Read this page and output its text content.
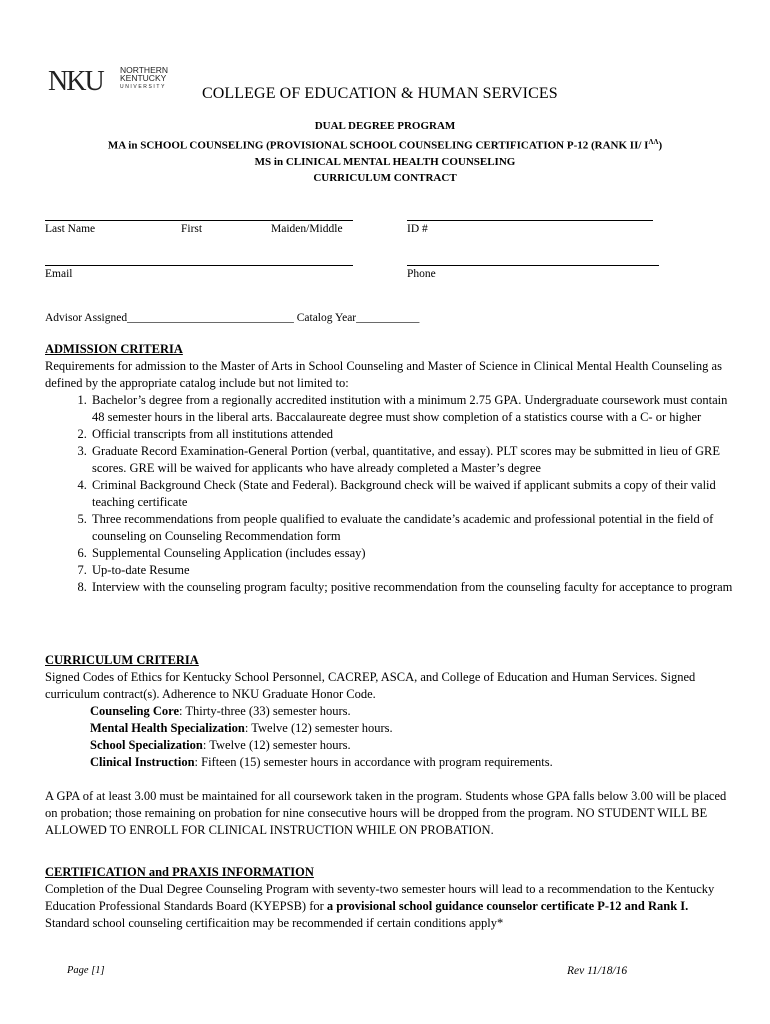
NKU NORTHERN
KENTUCKY
UNIVERSITY COLLEGE OF EDUCATION & HUMAN SERVICES
DUAL DEGREE PROGRAM
MA in SCHOOL COUNSELING (PROVISIONAL SCHOOL COUNSELING CERTIFICATION P-12 (RANK II/ $I^{\Lambda\Lambda}$)
MS in CLINICAL MENTAL HEALTH COUNSELING
CURRICULUM CONTRACT
Last Name	First	Maiden/Middle	ID #
Email	Phone
Advisor Assigned_____________________________ Catalog Year___________
ADMISSION CRITERIA
Requirements for admission to the Master of Arts in School Counseling and Master of Science in Clinical Mental Health Counseling as defined by the appropriate catalog include but not limited to:
1. Bachelor’s degree from a regionally accredited institution with a minimum 2.75 GPA. Undergraduate coursework must contain 48 semester hours in the liberal arts. Baccalaureate degree must show completion of a statistics course with a C- or higher
2. Official transcripts from all institutions attended
3. Graduate Record Examination-General Portion (verbal, quantitative, and essay). PLT scores may be submitted in lieu of GRE scores. GRE will be waived for applicants who have already completed a Master’s degree
4. Criminal Background Check (State and Federal). Background check will be waived if applicant submits a copy of their valid teaching certificate
5. Three recommendations from people qualified to evaluate the candidate’s academic and professional potential in the field of counseling on Counseling Recommendation form
6. Supplemental Counseling Application (includes essay)
7. Up-to-date Resume
8. Interview with the counseling program faculty; positive recommendation from the counseling faculty for acceptance to program
CURRICULUM CRITERIA
Signed Codes of Ethics for Kentucky School Personnel, CACREP, ASCA, and College of Education and Human Services. Signed curriculum contract(s). Adherence to NKU Graduate Honor Code.
Counseling Core: Thirty-three (33) semester hours.
Mental Health Specialization: Twelve (12) semester hours.
School Specialization: Twelve (12) semester hours.
Clinical Instruction: Fifteen (15) semester hours in accordance with program requirements.
A GPA of at least 3.00 must be maintained for all coursework taken in the program. Students whose GPA falls below 3.00 will be placed on probation; those remaining on probation for nine consecutive hours will be dropped from the program. NO STUDENT WILL BE ALLOWED TO ENROLL FOR CLINICAL INSTRUCTION WHILE ON PROBATION.
CERTIFICATION and PRAXIS INFORMATION
Completion of the Dual Degree Counseling Program with seventy-two semester hours will lead to a recommendation to the Kentucky Education Professional Standards Board (KYEPSB) for a provisional school guidance counselor certificate P-12 and Rank I. Standard school counseling certificaition may be recommended if certain conditions apply*
Page [1]	Rev 11/18/16
